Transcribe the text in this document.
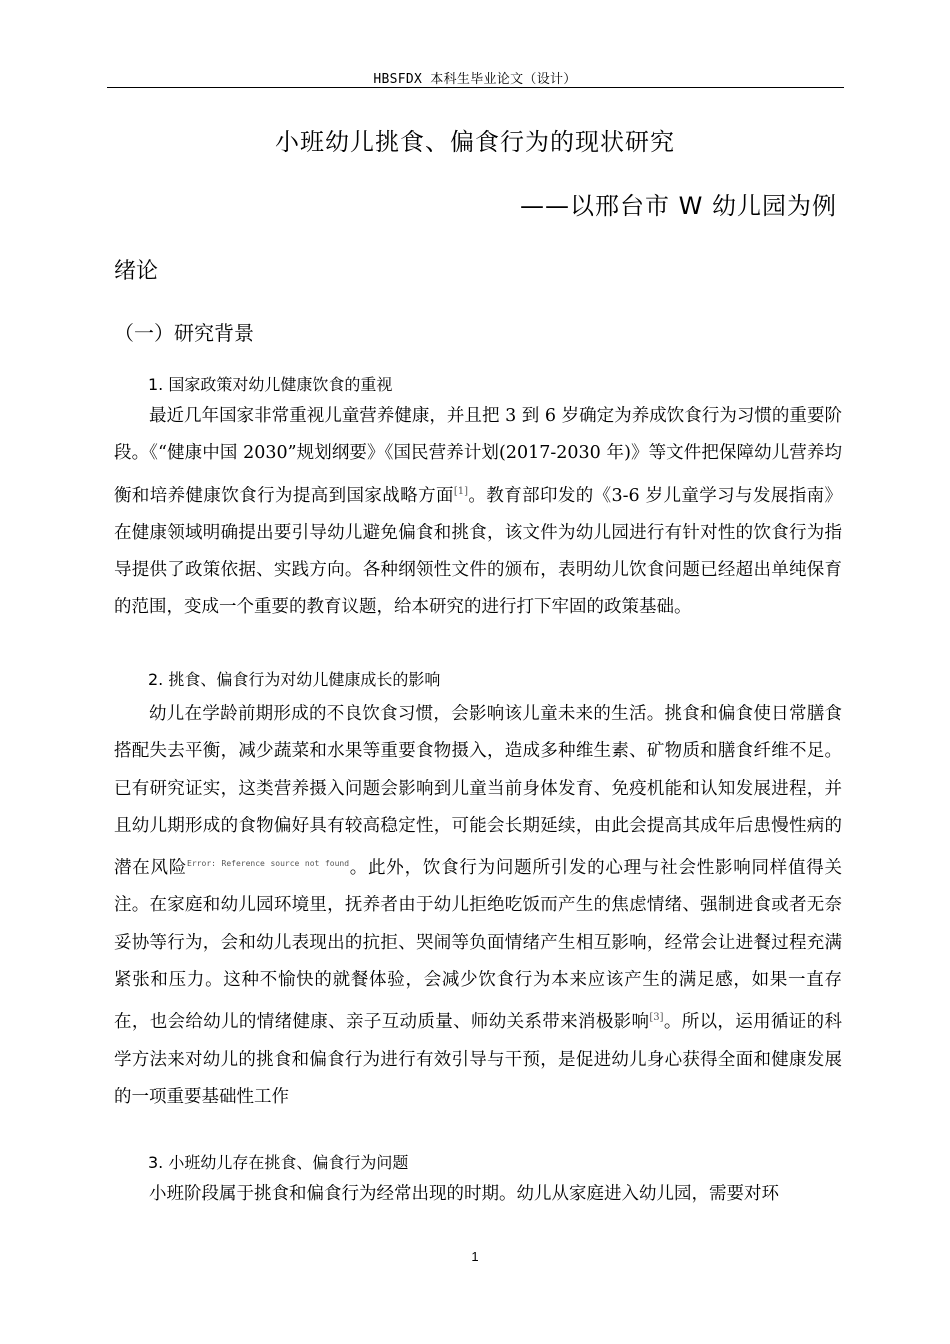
HBSFDX 本科生毕业论文（设计）
小班幼儿挑食、偏食行为的现状研究
——以邢台市 W 幼儿园为例
绪论
（一）研究背景
1. 国家政策对幼儿健康饮食的重视

最近几年国家非常重视儿童营养健康，并且把 3 到 6 岁确定为养成饮食行为习惯的重要阶段。《“健康中国 2030”规划纲要》《国民营养计划(2017-2030 年)》等文件把保障幼儿营养均衡和培养健康饮食行为提高到国家战略方面[1]。教育部印发的《3-6 岁儿童学习与发展指南》在健康领域明确提出要引导幼儿避免偏食和挑食，该文件为幼儿园进行有针对性的饮食行为指导提供了政策依据、实践方向。各种纲领性文件的颁布，表明幼儿饮食问题已经超出单纯保育的范围，变成一个重要的教育议题，给本研究的进行打下牢固的政策基础。

2. 挑食、偏食行为对幼儿健康成长的影响

幼儿在学龄前期形成的不良饮食习惯，会影响该儿童未来的生活。挑食和偏食使日常膳食搭配失去平衡，减少蔬菜和水果等重要食物摄入，造成多种维生素、矿物质和膳食纤维不足。已有研究证实，这类营养摄入问题会影响到儿童当前身体发育、免疫机能和认知发展进程，并且幼儿期形成的食物偏好具有较高稳定性，可能会长期延续，由此会提高其成年后患慢性病的潜在风险$^{Error: Reference source not found}$。此外，饮食行为问题所引发的心理与社会性影响同样值得关注。在家庭和幼儿园环境里，抚养者由于幼儿拒绝吃饭而产生的焦虑情绪、强制进食或者无奈妥协等行为，会和幼儿表现出的抗拒、哭闹等负面情绪产生相互影响，经常会让进餐过程充满紧张和压力。这种不愉快的就餐体验，会减少饮食行为本来应该产生的满足感，如果一直存在，也会给幼儿的情绪健康、亲子互动质量、师幼关系带来消极影响[3]。所以，运用循证的科学方法来对幼儿的挑食和偏食行为进行有效引导与干预，是促进幼儿身心获得全面和健康发展的一项重要基础性工作

3. 小班幼儿存在挑食、偏食行为问题

小班阶段属于挑食和偏食行为经常出现的时期。幼儿从家庭进入幼儿园，需要对环

1
